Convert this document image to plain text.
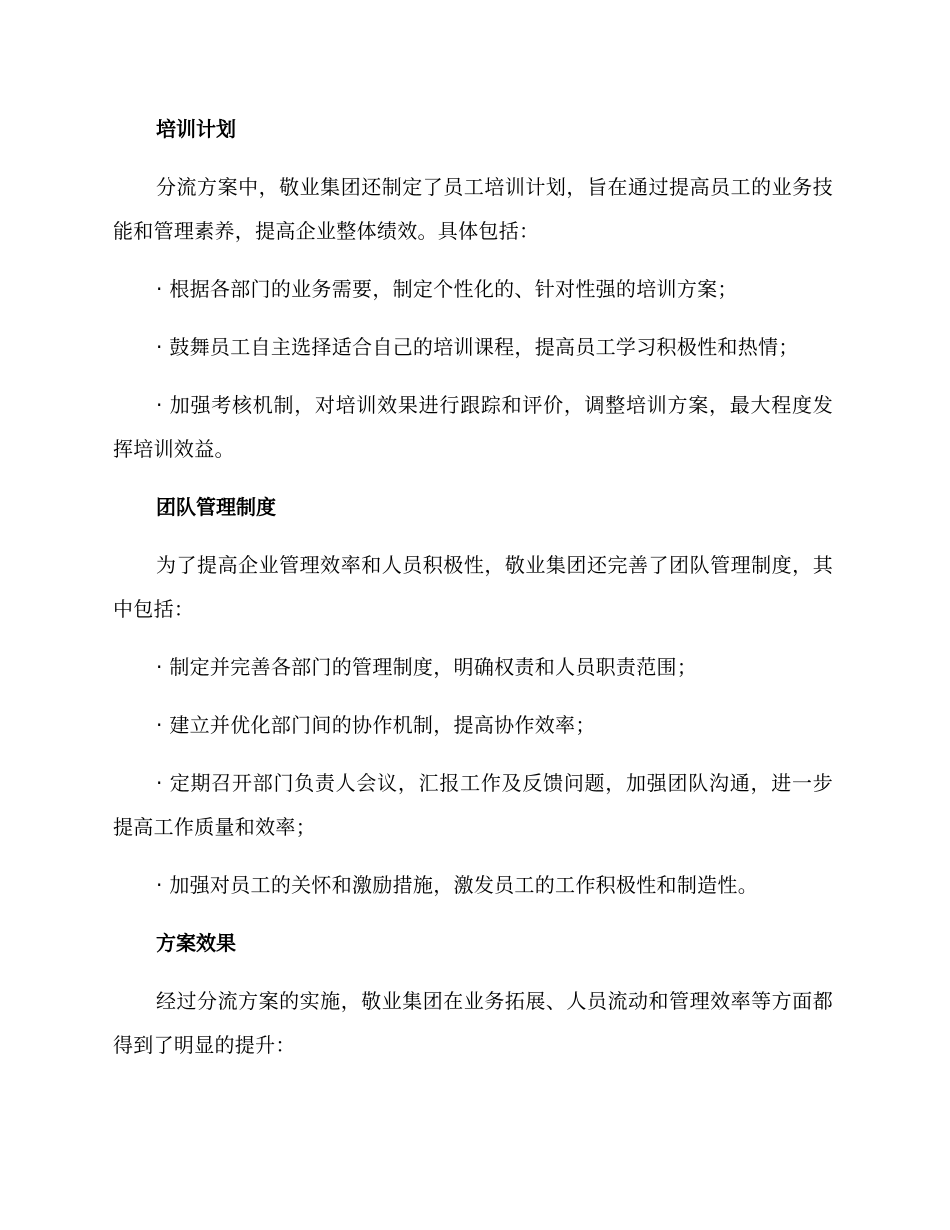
培训计划
分流方案中，敬业集团还制定了员工培训计划，旨在通过提高员工的业务技能和管理素养，提高企业整体绩效。具体包括：
· 根据各部门的业务需要，制定个性化的、针对性强的培训方案；
· 鼓舞员工自主选择适合自己的培训课程，提高员工学习积极性和热情；
· 加强考核机制，对培训效果进行跟踪和评价，调整培训方案，最大程度发挥培训效益。
团队管理制度
为了提高企业管理效率和人员积极性，敬业集团还完善了团队管理制度，其中包括：
· 制定并完善各部门的管理制度，明确权责和人员职责范围；
· 建立并优化部门间的协作机制，提高协作效率；
· 定期召开部门负责人会议，汇报工作及反馈问题，加强团队沟通，进一步提高工作质量和效率；
· 加强对员工的关怀和激励措施，激发员工的工作积极性和制造性。
方案效果
经过分流方案的实施，敬业集团在业务拓展、人员流动和管理效率等方面都得到了明显的提升：
